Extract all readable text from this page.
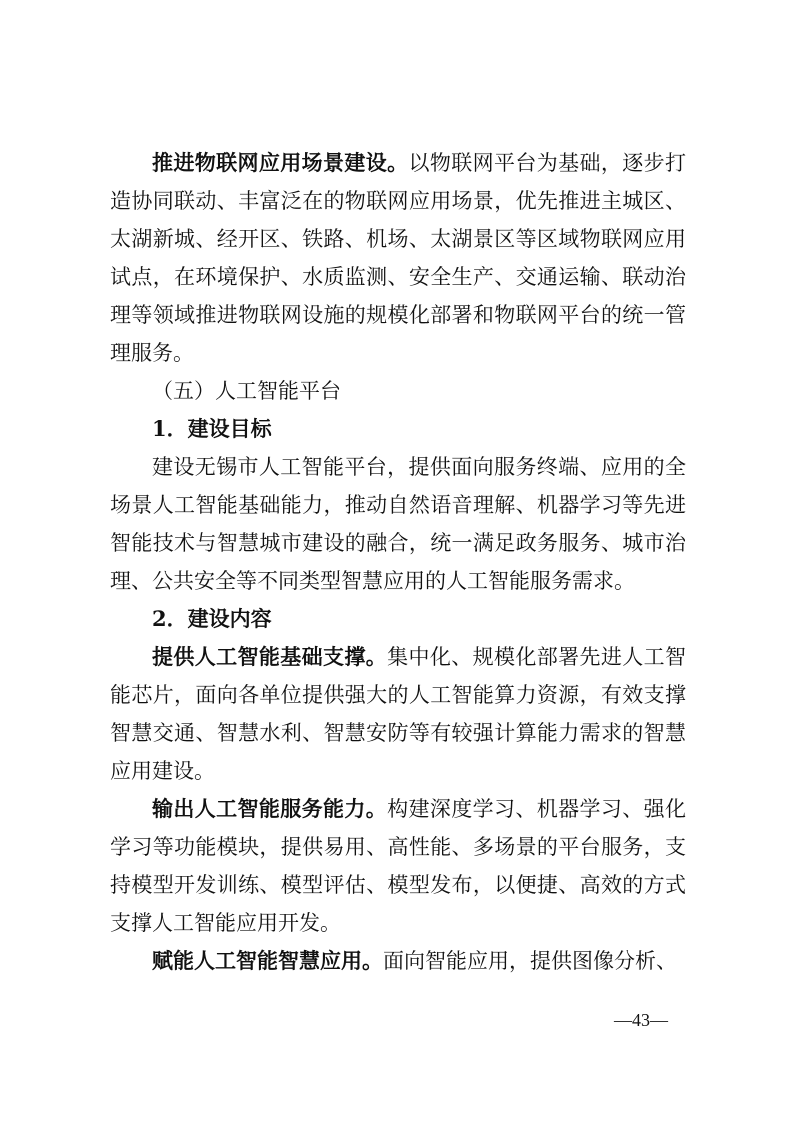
推进物联网应用场景建设。以物联网平台为基础，逐步打造协同联动、丰富泛在的物联网应用场景，优先推进主城区、太湖新城、经开区、铁路、机场、太湖景区等区域物联网应用试点，在环境保护、水质监测、安全生产、交通运输、联动治理等领域推进物联网设施的规模化部署和物联网平台的统一管理服务。

（五）人工智能平台

1．建设目标

建设无锡市人工智能平台，提供面向服务终端、应用的全场景人工智能基础能力，推动自然语音理解、机器学习等先进智能技术与智慧城市建设的融合，统一满足政务服务、城市治理、公共安全等不同类型智慧应用的人工智能服务需求。

2．建设内容

提供人工智能基础支撑。集中化、规模化部署先进人工智能芯片，面向各单位提供强大的人工智能算力资源，有效支撑智慧交通、智慧水利、智慧安防等有较强计算能力需求的智慧应用建设。

输出人工智能服务能力。构建深度学习、机器学习、强化学习等功能模块，提供易用、高性能、多场景的平台服务，支持模型开发训练、模型评估、模型发布，以便捷、高效的方式支撑人工智能应用开发。

赋能人工智能智慧应用。面向智能应用，提供图像分析、

—43—
